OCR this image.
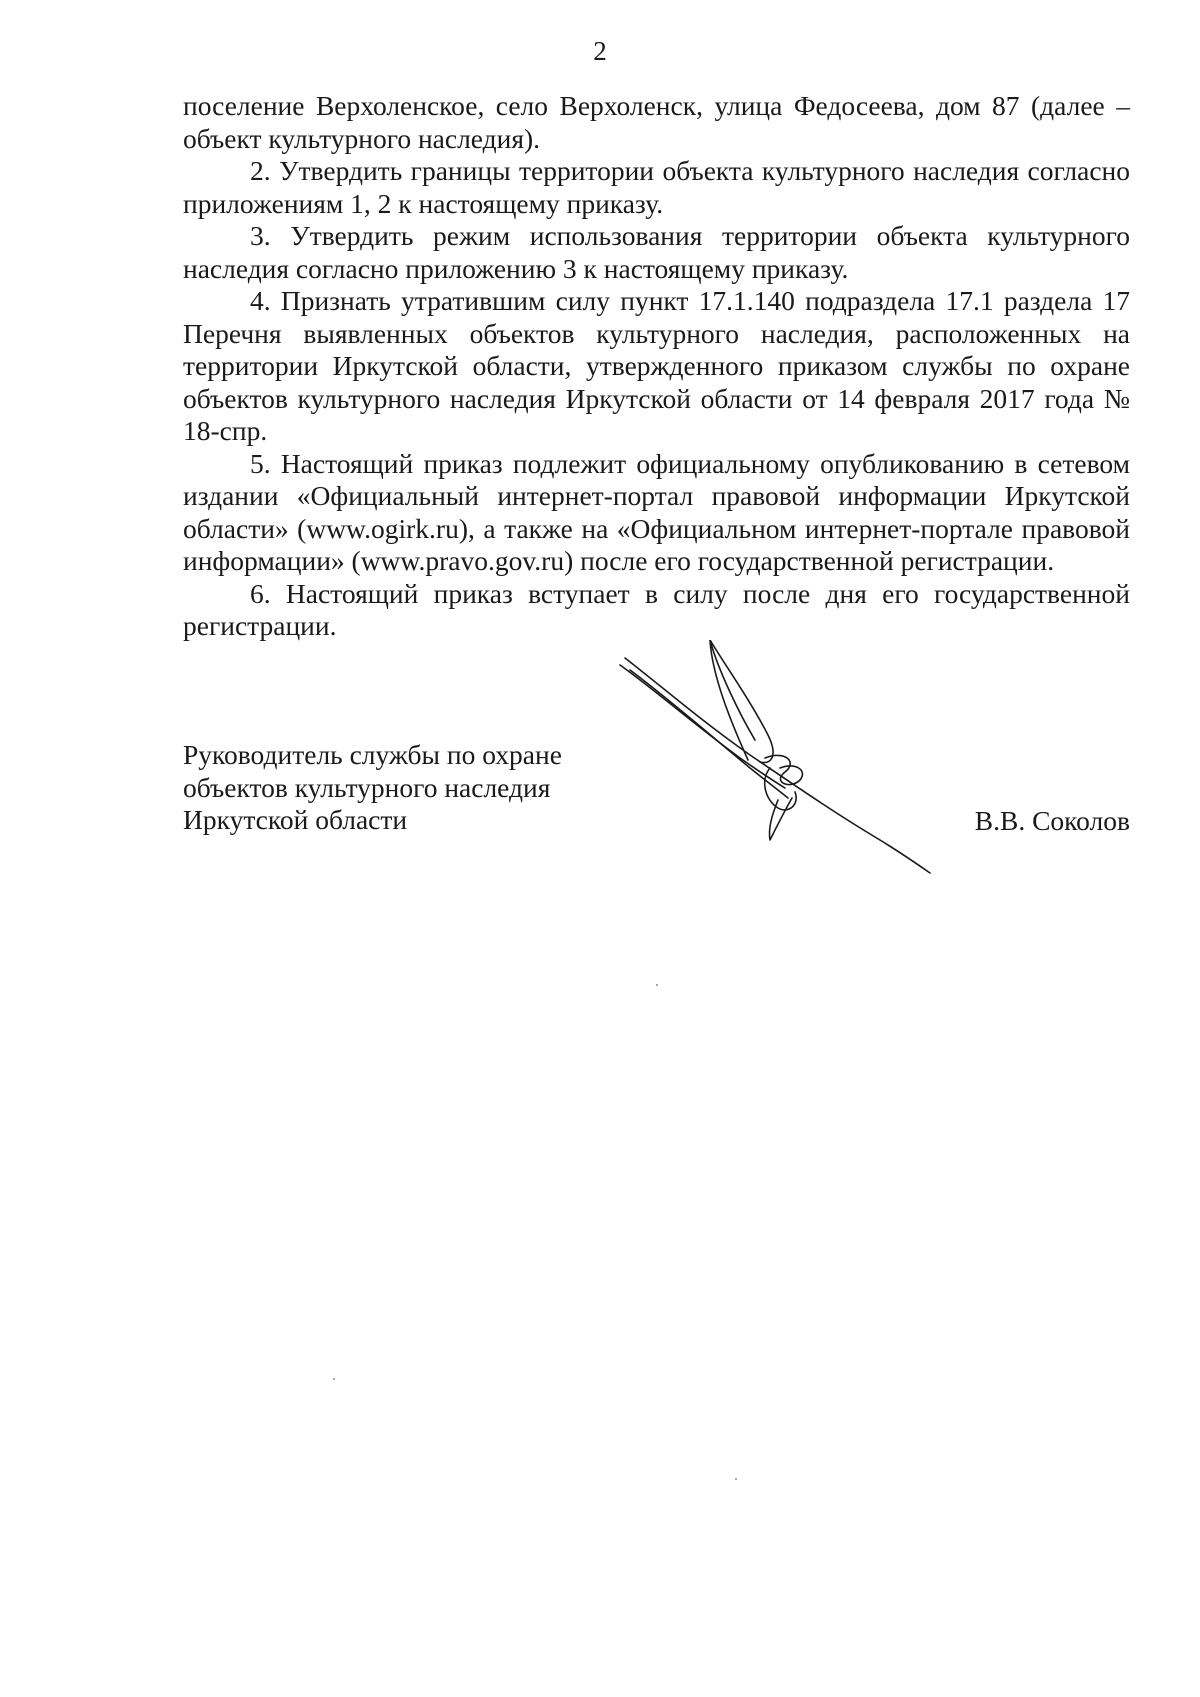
2

поселение Верхоленское, село Верхоленск, улица Федосеева, дом 87 (далее – объект культурного наследия).

2. Утвердить границы территории объекта культурного наследия согласно приложениям 1, 2 к настоящему приказу.

3. Утвердить режим использования территории объекта культурного наследия согласно приложению 3 к настоящему приказу.

4. Признать утратившим силу пункт 17.1.140 подраздела 17.1 раздела 17 Перечня выявленных объектов культурного наследия, расположенных на территории Иркутской области, утвержденного приказом службы по охране объектов культурного наследия Иркутской области от 14 февраля 2017 года № 18-спр.

5. Настоящий приказ подлежит официальному опубликованию в сетевом издании «Официальный интернет-портал правовой информации Иркутской области» (www.ogirk.ru), а также на «Официальном интернет-портале правовой информации» (www.pravo.gov.ru) после его государственной регистрации.

6. Настоящий приказ вступает в силу после дня его государственной регистрации.

Руководитель службы по охране
объектов культурного наследия
Иркутской области	В.В. Соколов
